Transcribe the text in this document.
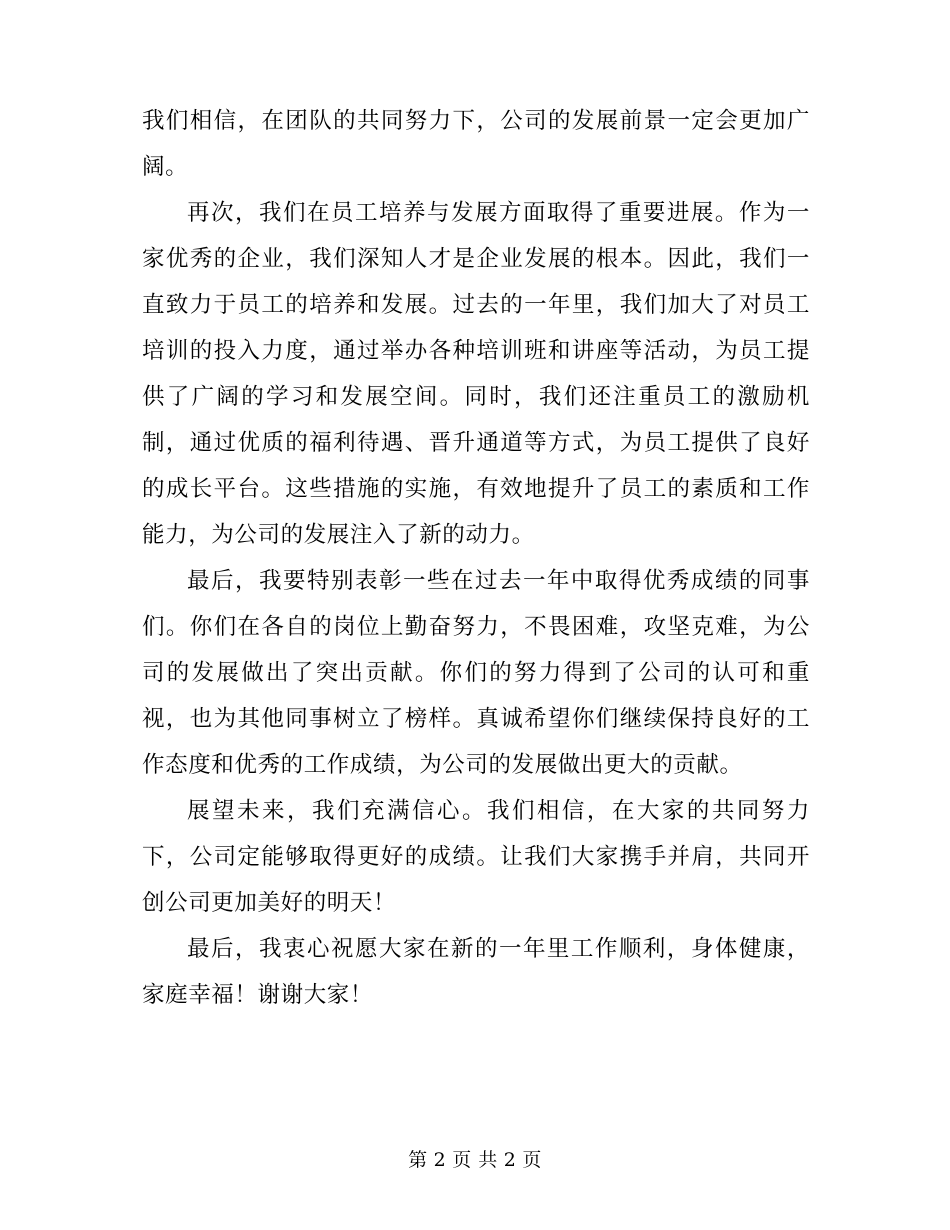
我们相信，在团队的共同努力下，公司的发展前景一定会更加广阔。

再次，我们在员工培养与发展方面取得了重要进展。作为一家优秀的企业，我们深知人才是企业发展的根本。因此，我们一直致力于员工的培养和发展。过去的一年里，我们加大了对员工培训的投入力度，通过举办各种培训班和讲座等活动，为员工提供了广阔的学习和发展空间。同时，我们还注重员工的激励机制，通过优质的福利待遇、晋升通道等方式，为员工提供了良好的成长平台。这些措施的实施，有效地提升了员工的素质和工作能力，为公司的发展注入了新的动力。

最后，我要特别表彰一些在过去一年中取得优秀成绩的同事们。你们在各自的岗位上勤奋努力，不畏困难，攻坚克难，为公司的发展做出了突出贡献。你们的努力得到了公司的认可和重视，也为其他同事树立了榜样。真诚希望你们继续保持良好的工作态度和优秀的工作成绩，为公司的发展做出更大的贡献。

展望未来，我们充满信心。我们相信，在大家的共同努力下，公司定能够取得更好的成绩。让我们大家携手并肩，共同开创公司更加美好的明天！

最后，我衷心祝愿大家在新的一年里工作顺利，身体健康，家庭幸福！谢谢大家！

第 2 页 共 2 页
